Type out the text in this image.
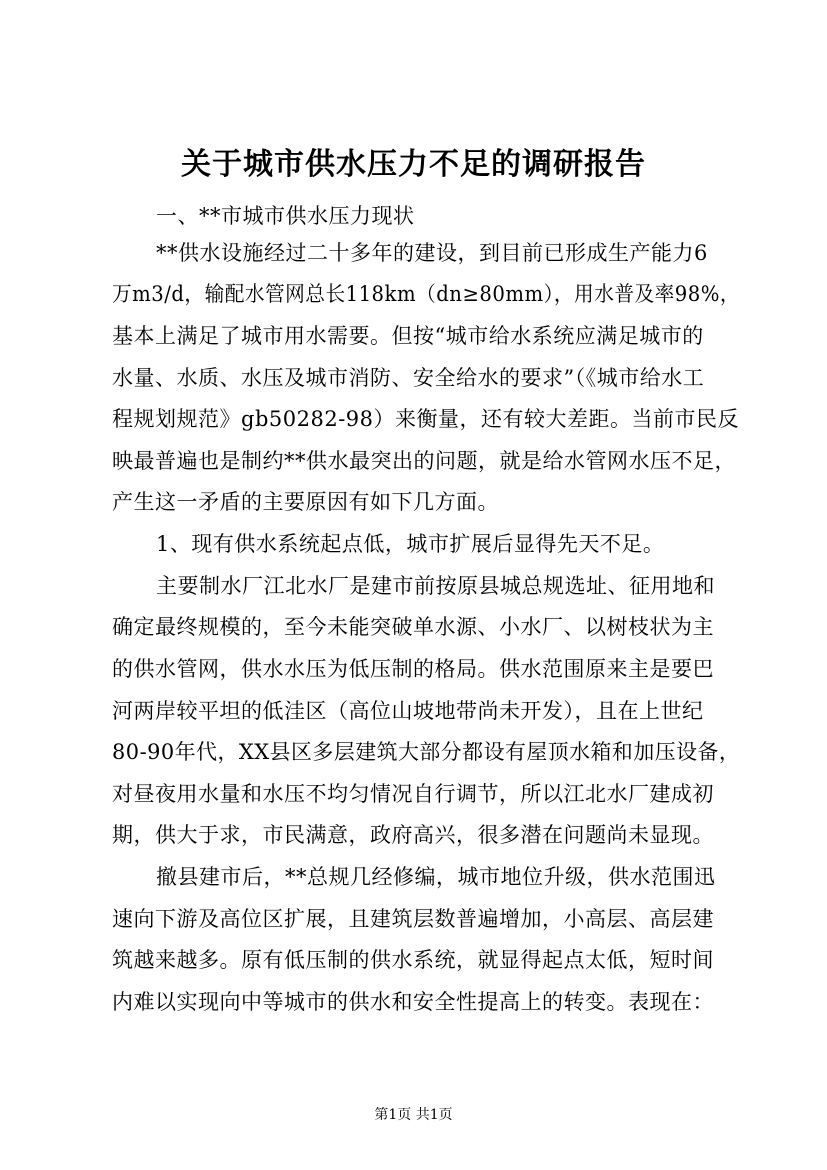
关于城市供水压力不足的调研报告
一、**市城市供水压力现状
**供水设施经过二十多年的建设，到目前已形成生产能力6
万m3/d，输配水管网总长118km（dn≥80mm），用水普及率98%，
基本上满足了城市用水需要。但按“城市给水系统应满足城市的
水量、水质、水压及城市消防、安全给水的要求”（《城市给水工
程规划规范》gb50282-98）来衡量，还有较大差距。当前市民反
映最普遍也是制约**供水最突出的问题，就是给水管网水压不足，
产生这一矛盾的主要原因有如下几方面。
1、现有供水系统起点低，城市扩展后显得先天不足。
主要制水厂江北水厂是建市前按原县城总规选址、征用地和
确定最终规模的，至今未能突破单水源、小水厂、以树枝状为主
的供水管网，供水水压为低压制的格局。供水范围原来主是要巴
河两岸较平坦的低洼区（高位山坡地带尚未开发），且在上世纪
80-90年代，XX县区多层建筑大部分都设有屋顶水箱和加压设备，
对昼夜用水量和水压不均匀情况自行调节，所以江北水厂建成初
期，供大于求，市民满意，政府高兴，很多潜在问题尚未显现。
撤县建市后，**总规几经修编，城市地位升级，供水范围迅
速向下游及高位区扩展，且建筑层数普遍增加，小高层、高层建
筑越来越多。原有低压制的供水系统，就显得起点太低，短时间
内难以实现向中等城市的供水和安全性提高上的转变。表现在：
第1页 共1页
